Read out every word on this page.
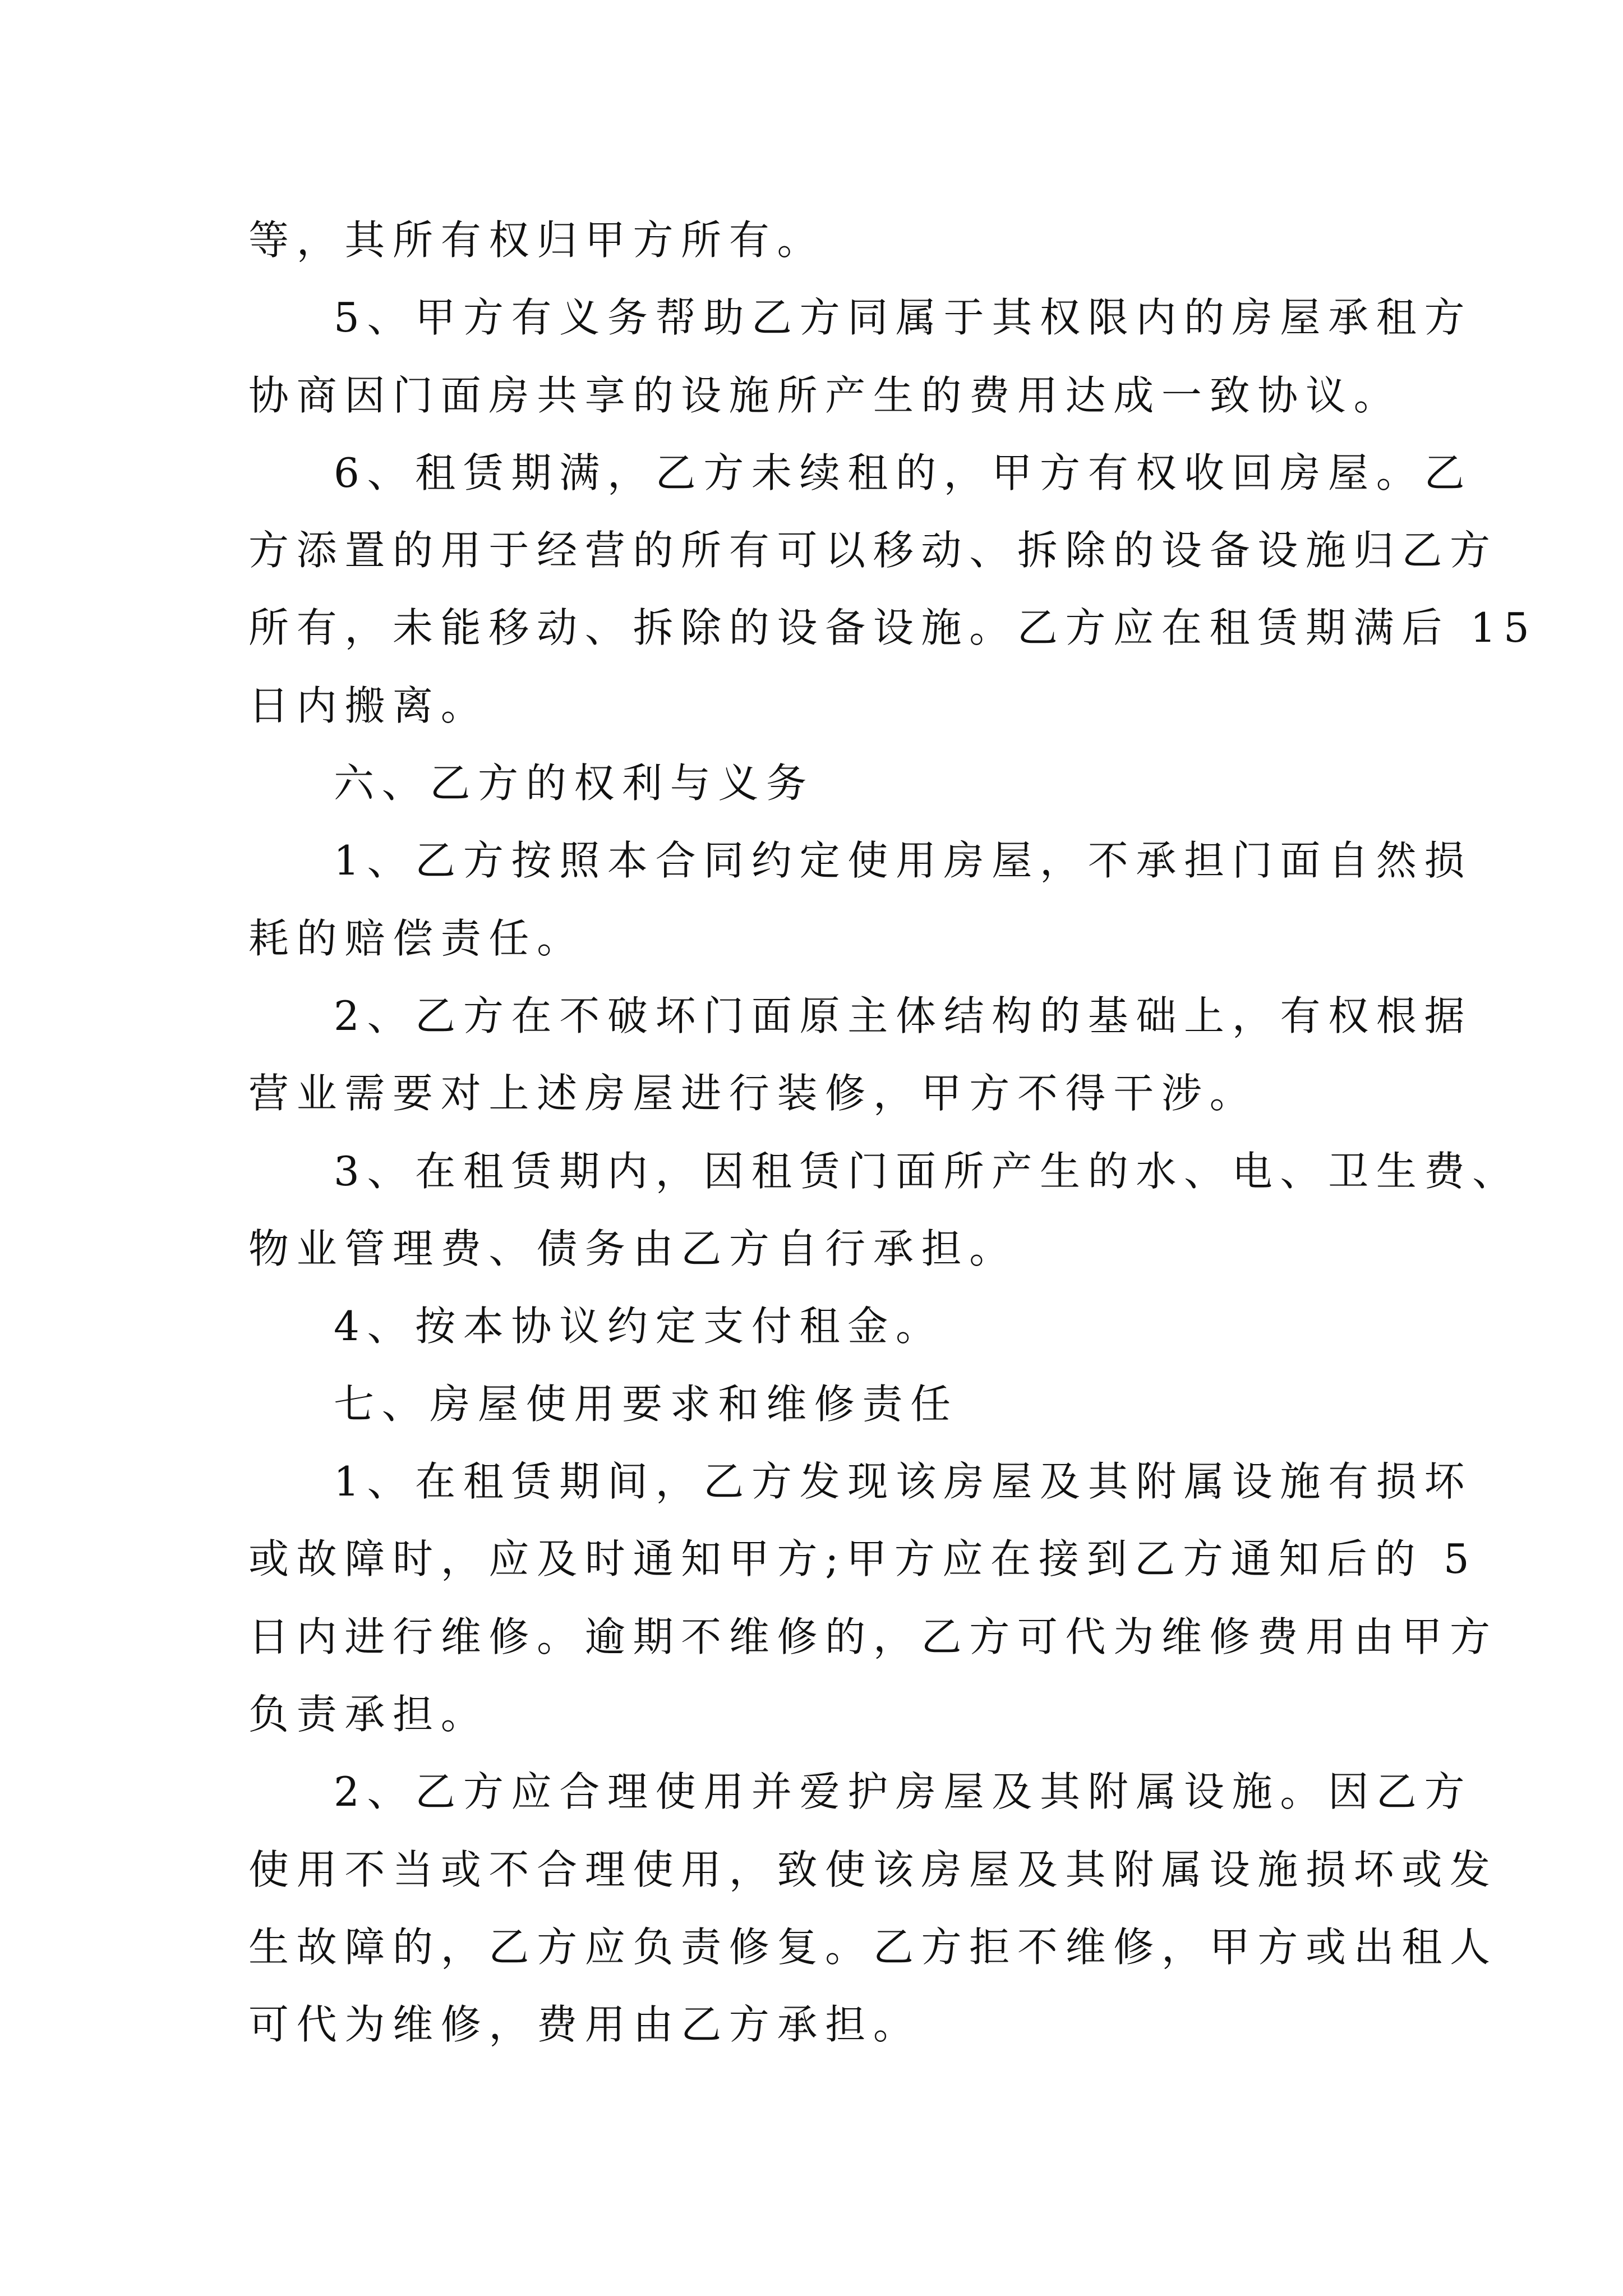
等，其所有权归甲方所有。

5、甲方有义务帮助乙方同属于其权限内的房屋承租方

协商因门面房共享的设施所产生的费用达成一致协议。

6、租赁期满，乙方未续租的，甲方有权收回房屋。乙

方添置的用于经营的所有可以移动、拆除的设备设施归乙方

所有，未能移动、拆除的设备设施。乙方应在租赁期满后 15

日内搬离。

六、乙方的权利与义务

1、乙方按照本合同约定使用房屋，不承担门面自然损

耗的赔偿责任。

2、乙方在不破坏门面原主体结构的基础上，有权根据

营业需要对上述房屋进行装修，甲方不得干涉。

3、在租赁期内，因租赁门面所产生的水、电、卫生费、

物业管理费、债务由乙方自行承担。

4、按本协议约定支付租金。

七、房屋使用要求和维修责任

1、在租赁期间，乙方发现该房屋及其附属设施有损坏

或故障时，应及时通知甲方;甲方应在接到乙方通知后的 5

日内进行维修。逾期不维修的，乙方可代为维修费用由甲方

负责承担。

2、乙方应合理使用并爱护房屋及其附属设施。因乙方

使用不当或不合理使用，致使该房屋及其附属设施损坏或发

生故障的，乙方应负责修复。乙方拒不维修，甲方或出租人

可代为维修，费用由乙方承担。
